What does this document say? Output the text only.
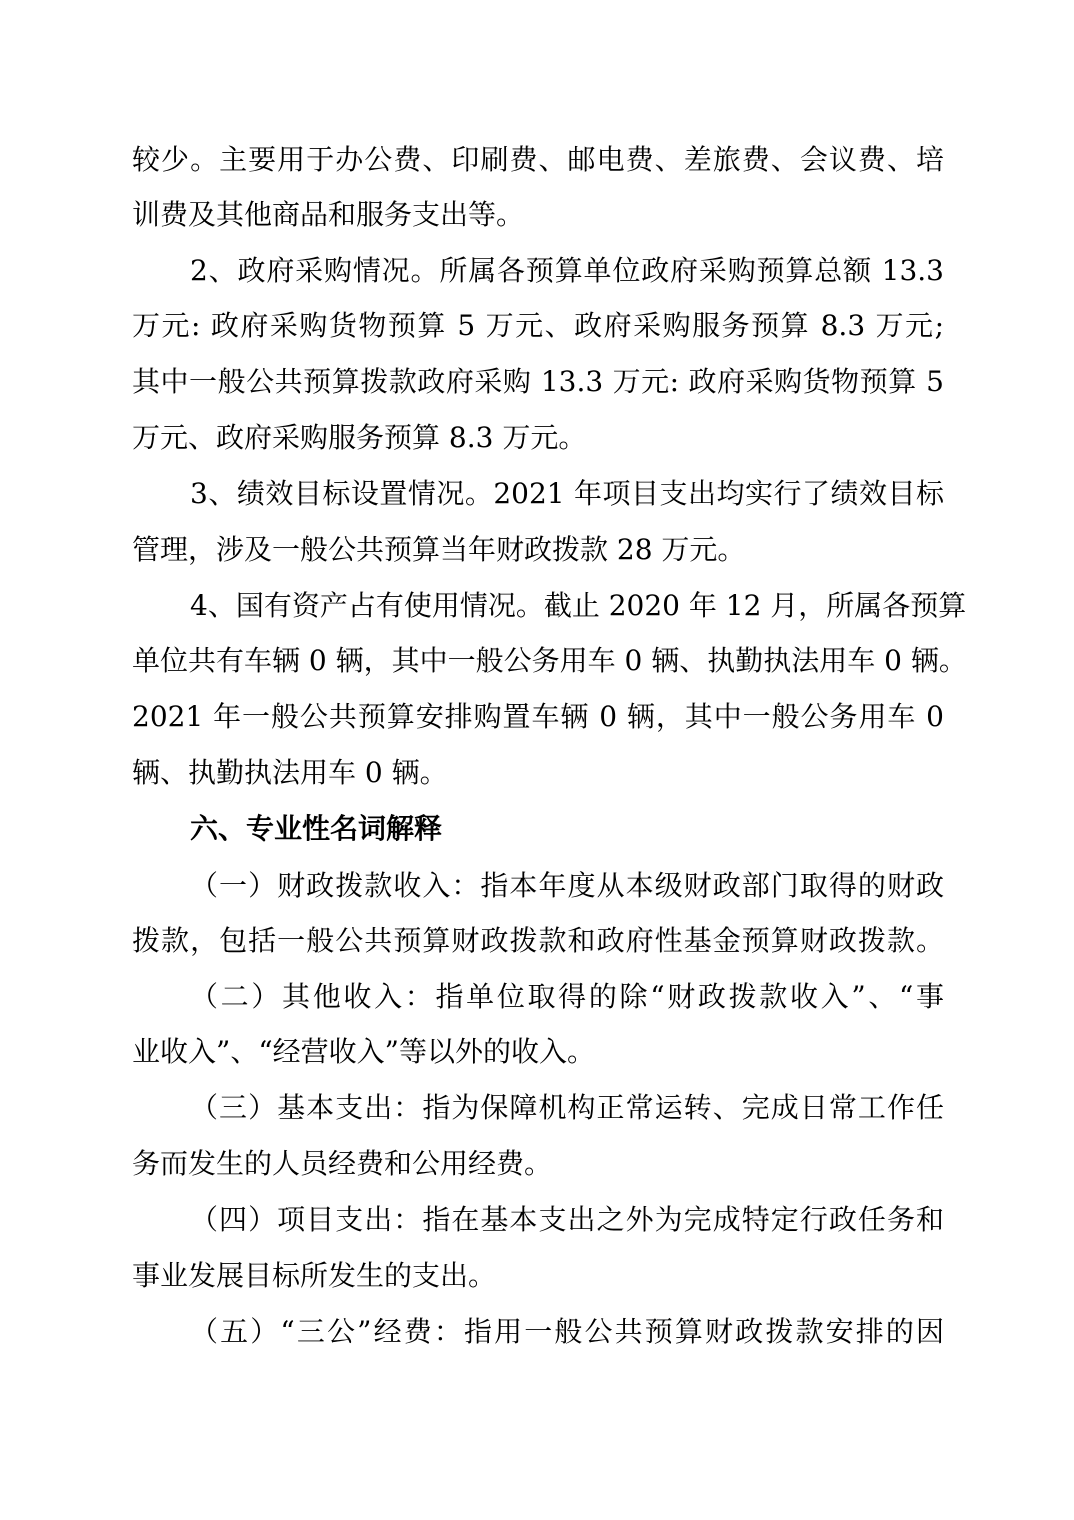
较少。主要用于办公费、印刷费、邮电费、差旅费、会议费、培
训费及其他商品和服务支出等。
2、政府采购情况。所属各预算单位政府采购预算总额 13.3
万元: 政府采购货物预算 5 万元、政府采购服务预算 8.3 万元;
其中一般公共预算拨款政府采购 13.3 万元: 政府采购货物预算 5
万元、政府采购服务预算 8.3 万元。
3、绩效目标设置情况。2021 年项目支出均实行了绩效目标
管理，涉及一般公共预算当年财政拨款 28 万元。
4、国有资产占有使用情况。截止 2020 年 12 月，所属各预算
单位共有车辆 0 辆，其中一般公务用车 0 辆、执勤执法用车 0 辆。
2021 年一般公共预算安排购置车辆 0 辆，其中一般公务用车 0
辆、执勤执法用车 0 辆。
六、专业性名词解释
（一）财政拨款收入：指本年度从本级财政部门取得的财政
拨款，包括一般公共预算财政拨款和政府性基金预算财政拨款。
（二）其他收入：指单位取得的除“财政拨款收入”、“事
业收入”、“经营收入”等以外的收入。
（三）基本支出：指为保障机构正常运转、完成日常工作任
务而发生的人员经费和公用经费。
（四）项目支出：指在基本支出之外为完成特定行政任务和
事业发展目标所发生的支出。
（五）“三公”经费：指用一般公共预算财政拨款安排的因
